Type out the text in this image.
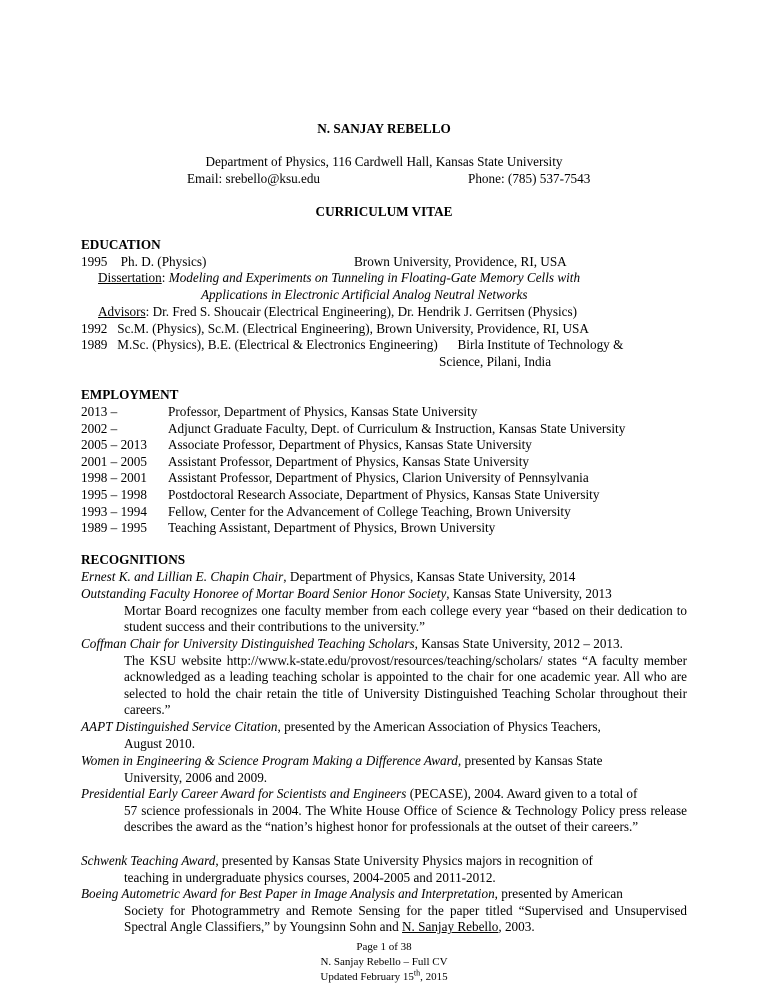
N. SANJAY REBELLO
Department of Physics, 116 Cardwell Hall, Kansas State University
Email: srebello@ksu.edu	Phone: (785) 537-7543
CURRICULUM VITAE
EDUCATION
1995 Ph. D. (Physics)	Brown University, Providence, RI, USA
Dissertation: Modeling and Experiments on Tunneling in Floating-Gate Memory Cells with
Applications in Electronic Artificial Analog Neutral Networks
Advisors: Dr. Fred S. Shoucair (Electrical Engineering), Dr. Hendrik J. Gerritsen (Physics)
1992   Sc.M. (Physics), Sc.M. (Electrical Engineering), Brown University, Providence, RI, USA
1989   M.Sc. (Physics), B.E. (Electrical & Electronics Engineering)      Birla Institute of Technology &
Science, Pilani, India
EMPLOYMENT
2013 –	Professor, Department of Physics, Kansas State University
2002 –	Adjunct Graduate Faculty, Dept. of Curriculum & Instruction, Kansas State University
2005 – 2013 Associate Professor, Department of Physics, Kansas State University
2001 – 2005 Assistant Professor, Department of Physics, Kansas State University
1998 – 2001 Assistant Professor, Department of Physics, Clarion University of Pennsylvania
1995 – 1998 Postdoctoral Research Associate, Department of Physics, Kansas State University
1993 – 1994 Fellow, Center for the Advancement of College Teaching, Brown University
1989 – 1995 Teaching Assistant, Department of Physics, Brown University
RECOGNITIONS
Ernest K. and Lillian E. Chapin Chair, Department of Physics, Kansas State University, 2014
Outstanding Faculty Honoree of Mortar Board Senior Honor Society, Kansas State University, 2013
Mortar Board recognizes one faculty member from each college every year “based on their dedication to student success and their contributions to the university.”
Coffman Chair for University Distinguished Teaching Scholars, Kansas State University, 2012 – 2013.
The KSU website http://www.k-state.edu/provost/resources/teaching/scholars/ states “A faculty member acknowledged as a leading teaching scholar is appointed to the chair for one academic year. All who are selected to hold the chair retain the title of University Distinguished Teaching Scholar throughout their careers.”
AAPT Distinguished Service Citation, presented by the American Association of Physics Teachers,
August 2010.
Women in Engineering & Science Program Making a Difference Award, presented by Kansas State
University, 2006 and 2009.
Presidential Early Career Award for Scientists and Engineers (PECASE), 2004. Award given to a total of
57 science professionals in 2004. The White House Office of Science & Technology Policy press release describes the award as the “nation’s highest honor for professionals at the outset of their careers.”
Schwenk Teaching Award, presented by Kansas State University Physics majors in recognition of
teaching in undergraduate physics courses, 2004-2005 and 2011-2012.
Boeing Autometric Award for Best Paper in Image Analysis and Interpretation, presented by American
Society for Photogrammetry and Remote Sensing for the paper titled “Supervised and Unsupervised Spectral Angle Classifiers,” by Youngsinn Sohn and N. Sanjay Rebello, 2003.
Page 1 of 38
N. Sanjay Rebello – Full CV
Updated February 15th, 2015
